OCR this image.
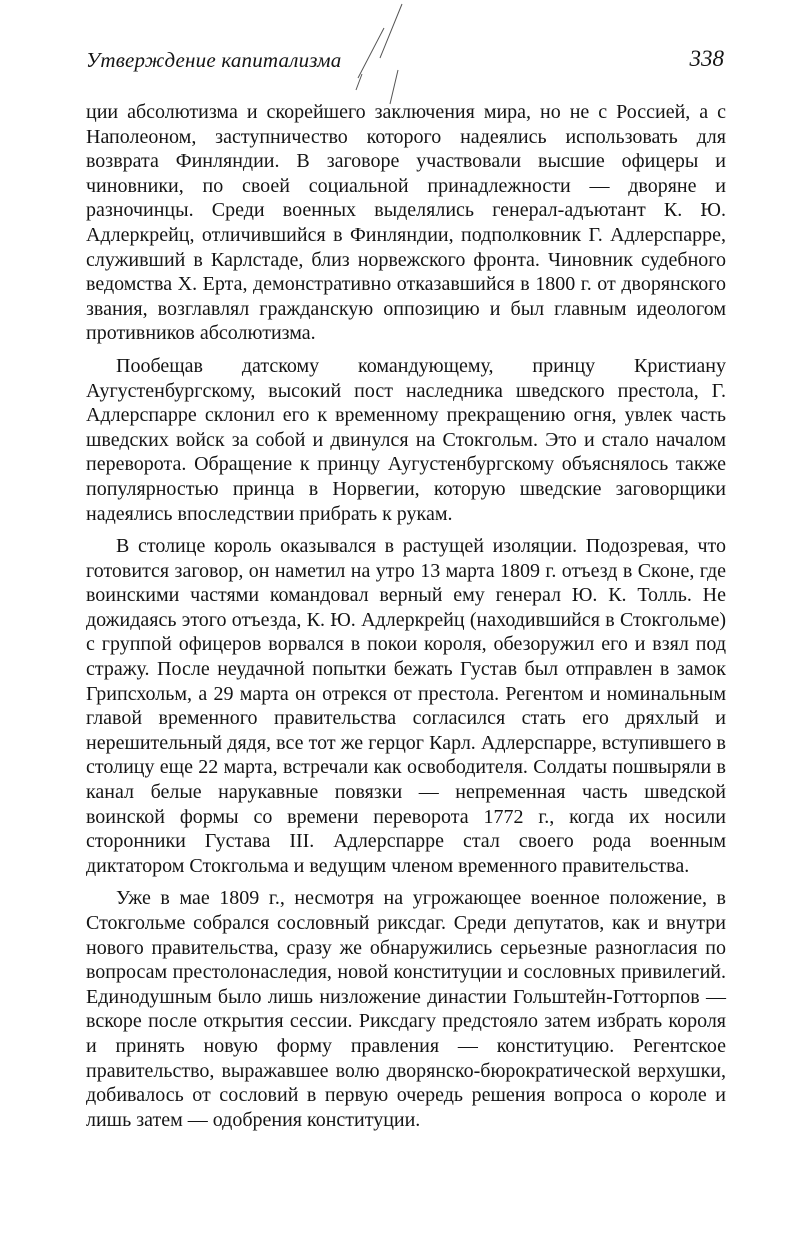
Утверждение капитализма	338

ции абсолютизма и скорейшего заключения мира, но не с Россией, а с Наполеоном, заступничество которого надеялись использовать для возврата Финляндии. В заговоре участвовали высшие офицеры и чиновники, по своей социальной принадлежности — дворяне и разночинцы. Среди военных выделялись генерал-адъютант К. Ю. Адлеркрейц, отличившийся в Финляндии, подполковник Г. Адлерспарре, служивший в Карлстаде, близ норвежского фронта. Чиновник судебного ведомства X. Ерта, демонстративно отказавшийся в 1800 г. от дворянского звания, возглавлял гражданскую оппозицию и был главным идеологом противников абсолютизма.

Пообещав датскому командующему, принцу Кристиану Аугустенбургскому, высокий пост наследника шведского престола, Г. Адлерспарре склонил его к временному прекращению огня, увлек часть шведских войск за собой и двинулся на Стокгольм. Это и стало началом переворота. Обращение к принцу Аугустенбургскому объяснялось также популярностью принца в Норвегии, которую шведские заговорщики надеялись впоследствии прибрать к рукам.

В столице король оказывался в растущей изоляции. Подозревая, что готовится заговор, он наметил на утро 13 марта 1809 г. отъезд в Сконе, где воинскими частями командовал верный ему генерал Ю. К. Толль. Не дожидаясь этого отъезда, К. Ю. Адлеркрейц (находившийся в Стокгольме) с группой офицеров ворвался в покои короля, обезоружил его и взял под стражу. После неудачной попытки бежать Густав был отправлен в замок Грипсхольм, а 29 марта он отрекся от престола. Регентом и номинальным главой временного правительства согласился стать его дряхлый и нерешительный дядя, все тот же герцог Карл. Адлерспарре, вступившего в столицу еще 22 марта, встречали как освободителя. Солдаты пошвыряли в канал белые нарукавные повязки — непременная часть шведской воинской формы со времени переворота 1772 г., когда их носили сторонники Густава III. Адлерспарре стал своего рода военным диктатором Стокгольма и ведущим членом временного правительства.

Уже в мае 1809 г., несмотря на угрожающее военное положение, в Стокгольме собрался сословный риксдаг. Среди депутатов, как и внутри нового правительства, сразу же обнаружились серьезные разногласия по вопросам престолонаследия, новой конституции и сословных привилегий. Единодушным было лишь низложение династии Гольштейн-Готторпов — вскоре после открытия сессии. Риксдагу предстояло затем избрать короля и принять новую форму правления — конституцию. Регентское правительство, выражавшее волю дворянско-бюрократической верхушки, добивалось от сословий в первую очередь решения вопроса о короле и лишь затем — одобрения конституции.
